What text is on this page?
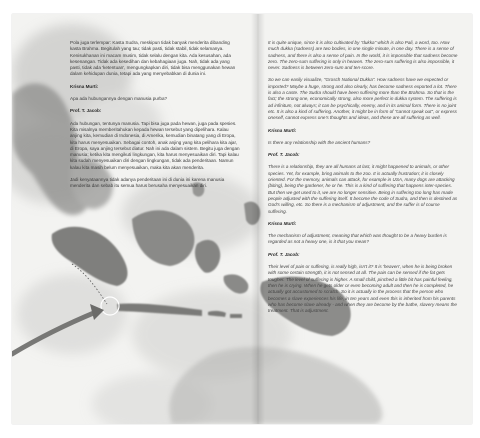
Pola juga terlempar: Kasta Sudra, meskipun tidak banyak menderita dibanding kasta Brahma. Begitulah yang tau; tidak pasti, tidak stabil, tidak selamanya. Kenisukhanan ini macam musim, tidak selalu dengan kita. Ada kesusahan, ada kesenangan. Tidak ada kesedihan dan kebahagiaan juga. Nah, tidak ada yang pasti, tidak ada 'ketentuan', mengungkapkan diri, tidak bisa menggunakan hewan dalam kehidupan dunia, tetapi ada yang menyebabkan di dunia ini.

Krisna Murti:

Apa ada hubungannya dengan manusia purba?

Prof. T. Jacob:

Ada hubungan, tentunya manusia. Tapi bisa juga pada hewan, juga pada spesies. Kita misalnya memberitahukan kepada hewan tersebut yang dipelihara. Kalau anjing kita, kemudian di Indonesia, di Amerika, kemudian binatang yang di Eropa, kita harus menyesuaikan. Sebagai contoh, anak anjing yang kita pelihara kita ajar, di Eropa, saya anjing tersebut diatur. Nah ini ada dalam sistem. Begitu juga dengan manusia; ketika kita mengikuti lingkungan, kita harus menyesuaikan diri. Tapi kalau kita sudah menyesuaikan diri dengan lingkungan, tidak ada penderitaan. Namun kalau kita masih belum menyesuaikan, maka kita akan menderita.

Jadi kenyataannya tidak adanya penderitaan ini di dunia ini karena manusia menderita dan sebab itu semua harus berusaha menyesuaikan diri.

It is quite unique, since it is also cultivated by "dukka" which is also Pali, a word, too. How much dukka (sadness) are two bodies, in one single minute, in one day. There is a sense of sadness, and there is also a sense of pain. In the world, it is impossible that sadness become zero. The zero-sum suffering is only in heaven. The zero-sum suffering is also impossible, it never. Sadness is between zero-sum and ten-score.

So we can easily visualize, "Grosch National Dukka". How sadness have we expected or imported? Maybe a huge, strong and also clearly, has become sadness exported a lot. There is also a caste. The Sudra should have been suffering more than the Brahma. So that is the fact; the strong one, economically strong, also more perfect in dukka system. The suffering is ad infinitum, not always; it can be psychically, enemy, and in its animal form. There is no joint etc. It is also a kind of suffering. Another, it might be in form of "cannot speak out", or express oneself, cannot express one's thoughts and ideas, and these are all suffering as well.

Krisna Murti:

Is there any relationship with the ancient humans?

Prof. T. Jacob:

There is a relationship, they are all humans at last, it might happened to animals, or other species. Yet, for example, bring animals to the zoo. It is actually frustration; it is closely oriented. For the memory, animals can attack, for example in USA, many dogs are attacking (biting), being the gardener, he or he. This is a kind of suffering that happens inter-species. But then we get used to it, we are no longer sensitive. Being in suffering too long has made people adjusted with the suffering itself. It become the code of Sudra, and then is destined as God's willing, etc. So there is a mechanism of adjustment, and the suffer is of course suffering.

Krisna Murti:

The mechanism of adjustment, meaning that which was thought to be a heavy burden is regarded as not a heavy one, is it that you mean?

Prof. T. Jacob:

Their level of pain or suffering, is really high, isn't it? It is 'heaven', when he is being broken with some certain strength, it is not sensed at all. The pain can be sensed if the fat gets tougher. The level of suffering is higher. A small child, pinched a little bit has painful feeling, then he is crying. When he gets older or even becoming adult and then he is completed, he actually got accustomed to scratch. So it is actually in the process that the person who becomes a slave experiences his life, in ten years and even this is inherited from his parents who has become slave already - and when they are become by the bathe, slavery means the treatment. That is adjustment.
